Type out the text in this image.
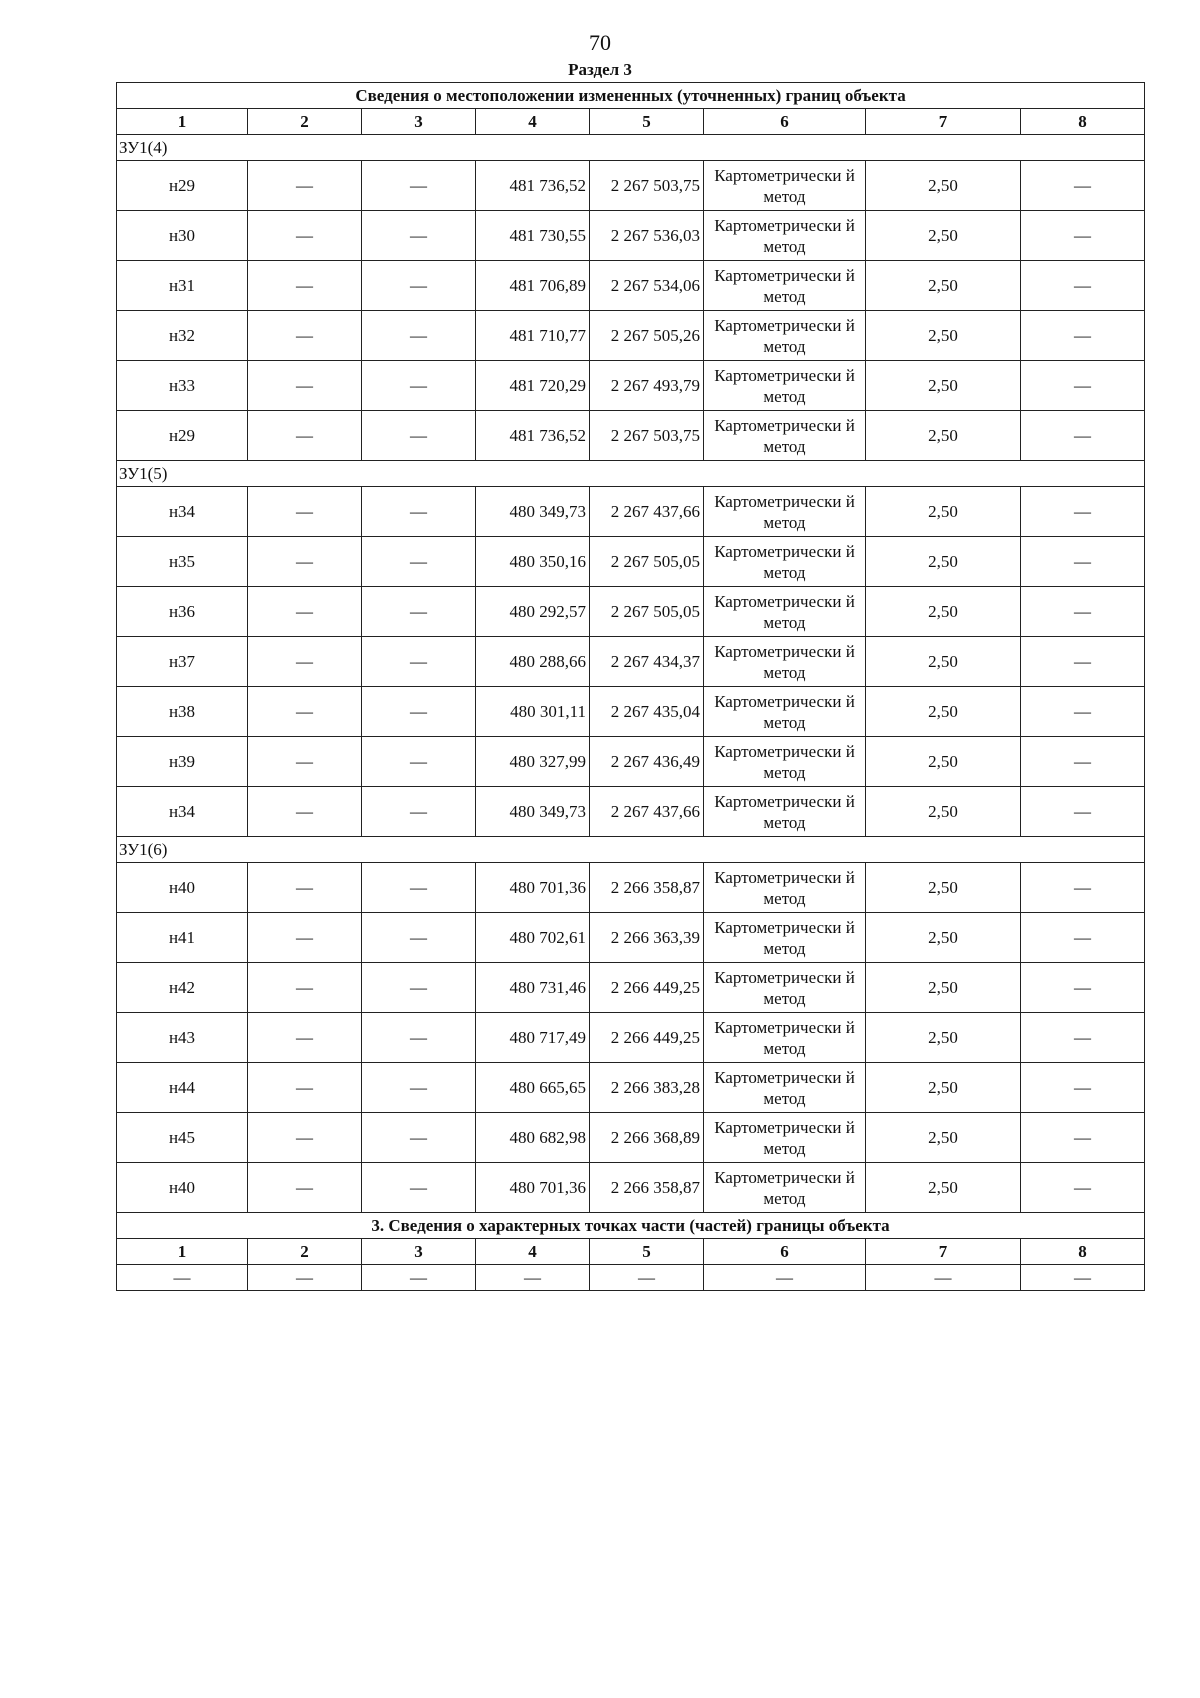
70
Раздел 3
Сведения о местоположении измененных (уточненных) границ объекта							
1	2	3	4	5	6	7	8
ЗУ1(4)							
н29	—	—	481 736,52	2 267 503,75	Картометрически й метод	2,50	—
н30	—	—	481 730,55	2 267 536,03	Картометрически й метод	2,50	—
н31	—	—	481 706,89	2 267 534,06	Картометрически й метод	2,50	—
н32	—	—	481 710,77	2 267 505,26	Картометрически й метод	2,50	—
н33	—	—	481 720,29	2 267 493,79	Картометрически й метод	2,50	—
н29	—	—	481 736,52	2 267 503,75	Картометрически й метод	2,50	—
ЗУ1(5)							
н34	—	—	480 349,73	2 267 437,66	Картометрически й метод	2,50	—
н35	—	—	480 350,16	2 267 505,05	Картометрически й метод	2,50	—
н36	—	—	480 292,57	2 267 505,05	Картометрически й метод	2,50	—
н37	—	—	480 288,66	2 267 434,37	Картометрически й метод	2,50	—
н38	—	—	480 301,11	2 267 435,04	Картометрически й метод	2,50	—
н39	—	—	480 327,99	2 267 436,49	Картометрически й метод	2,50	—
н34	—	—	480 349,73	2 267 437,66	Картометрически й метод	2,50	—
ЗУ1(6)							
н40	—	—	480 701,36	2 266 358,87	Картометрически й метод	2,50	—
н41	—	—	480 702,61	2 266 363,39	Картометрически й метод	2,50	—
н42	—	—	480 731,46	2 266 449,25	Картометрически й метод	2,50	—
н43	—	—	480 717,49	2 266 449,25	Картометрически й метод	2,50	—
н44	—	—	480 665,65	2 266 383,28	Картометрически й метод	2,50	—
н45	—	—	480 682,98	2 266 368,89	Картометрически й метод	2,50	—
н40	—	—	480 701,36	2 266 358,87	Картометрически й метод	2,50	—
3. Сведения о характерных точках части (частей) границы объекта							
1	2	3	4	5	6	7	8
—	—	—	—	—	—	—	—
